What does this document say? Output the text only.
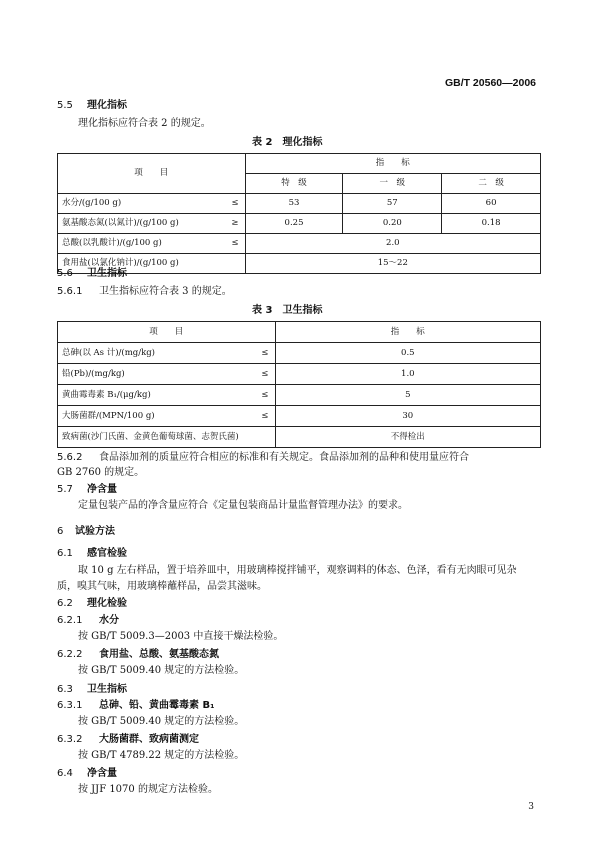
GB/T 20560—2006
5.5 理化指标
理化指标应符合表 2 的规定。
表 2　理化指标
项　　目		指　　标		
		特　级	一　级	二　级
水分/(g/100 g)	≤	53	57	60
氨基酸态氮(以氮计)/(g/100 g)	≥	0.25	0.20	0.18
总酸(以乳酸计)/(g/100 g)	≤	2.0		
食用盐(以氯化钠计)/(g/100 g)		15～22		
5.6 卫生指标
5.6.1 卫生指标应符合表 3 的规定。
表 3　卫生指标
项　　目		指　　标
总砷(以 As 计)/(mg/kg)	≤	0.5
铅(Pb)/(mg/kg)	≤	1.0
黄曲霉毒素 B₁/(μg/kg)	≤	5
大肠菌群/(MPN/100 g)	≤	30
致病菌(沙门氏菌、金黄色葡萄球菌、志贺氏菌)		不得检出
5.6.2 食品添加剂的质量应符合相应的标准和有关规定。食品添加剂的品种和使用量应符合
GB 2760 的规定。
5.7 净含量
定量包装产品的净含量应符合《定量包装商品计量监督管理办法》的要求。
6 试验方法
6.1 感官检验
取 10 g 左右样品，置于培养皿中，用玻璃棒搅拌铺平，观察调料的体态、色泽，看有无肉眼可见杂
质，嗅其气味，用玻璃棒蘸样品，品尝其滋味。
6.2 理化检验
6.2.1 水分
按 GB/T 5009.3—2003 中直接干燥法检验。
6.2.2 食用盐、总酸、氨基酸态氮
按 GB/T 5009.40 规定的方法检验。
6.3 卫生指标
6.3.1 总砷、铅、黄曲霉毒素 B₁
按 GB/T 5009.40 规定的方法检验。
6.3.2 大肠菌群、致病菌测定
按 GB/T 4789.22 规定的方法检验。
6.4 净含量
按 JJF 1070 的规定方法检验。
3
